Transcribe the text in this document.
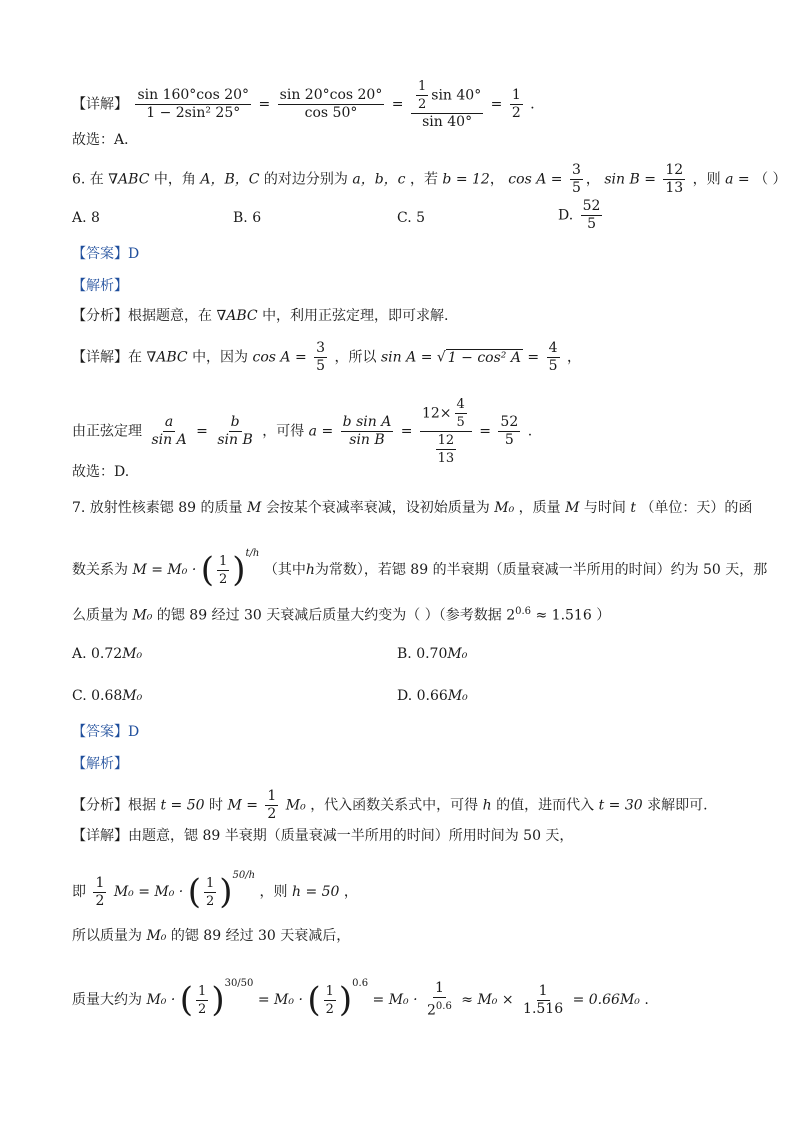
【详解】 $\frac{\sin 160^\circ\cos 20^\circ}{\text{1 − 2sin² 25°}} = \frac{\sin 20^\circ\cos 20^\circ}{\cos 50^\circ} = \frac{\frac{1}{2} \sin 40^\circ}{\sin 40^\circ} = \frac{1}{2}$ ．
故选：A．
6. 在 ∇ABC 中，角 A，B，C 的对边分别为 a，b，c ，若 b = 12， $\cos A = \frac{3}{5}$ ， $\sin B = \frac{12}{13}$ ，则 a = （ ）
A. 8	B. 6	C. 5	D. $\frac{52}{5}$
【答案】D
【解析】
【分析】根据题意，在 ∇ABC 中，利用正弦定理，即可求解.
【详解】在 ∇ABC 中，因为 $\cos A = \frac{3}{5}$ ，所以 sin A = √ 1 − cos² $A = \frac{4}{5}$ ，
由正弦定理 $\frac{a}{\text{sin A}} = \frac{b}{\text{sin B}}$ ，可得 $a = \frac{\text{b sin A}}{\text{sin B}} = \frac{12\times \frac{4}{5}}{\frac{12}{13}} = \frac{52}{5}$ .
故选：D.
7. 放射性核素锶 89 的质量 M 会按某个衰减率衰减，设初始质量为 M₀ ，质量 M 与时间 t （单位：天）的函
数关系为 M = M₀ · ( $\frac{1}{2}$ ) t/h
（其中h为常数），若锶 89 的半衰期（质量衰减一半所用的时间）约为 50 天，那
么质量为 M₀ 的锶 89 经过 30 天衰减后质量大约变为（ ）（参考数据 $2^{0.6} \approx 1.516$ ）
A. 0.72M₀	B. 0.70M₀
C. 0.68M₀	D. 0.66M₀
【答案】D
【解析】
【分析】根据 t = 50 时 $M = \frac{1}{2} M_0$ ，代入函数关系式中，可得 h 的值，进而代入 t = 30 求解即可.
【详解】由题意，锶 89 半衰期（质量衰减一半所用的时间）所用时间为 50 天，
即 $\frac{1}{2} M_0 = M_0$ · ( $\frac{1}{2}$ ) 50/h
，则 h = 50 ，
所以质量为 M₀ 的锶 89 经过 30 天衰减后，
质量大约为 M₀ · ( $\frac{1}{2}$ ) 30/50
= M₀ · ( $\frac{1}{2}$ ) 0.6
= $M_0 \cdot \frac{1}{2^{0.6}} \approx M_0 \times \frac{1}{1.516} = 0.66M_0$ .
